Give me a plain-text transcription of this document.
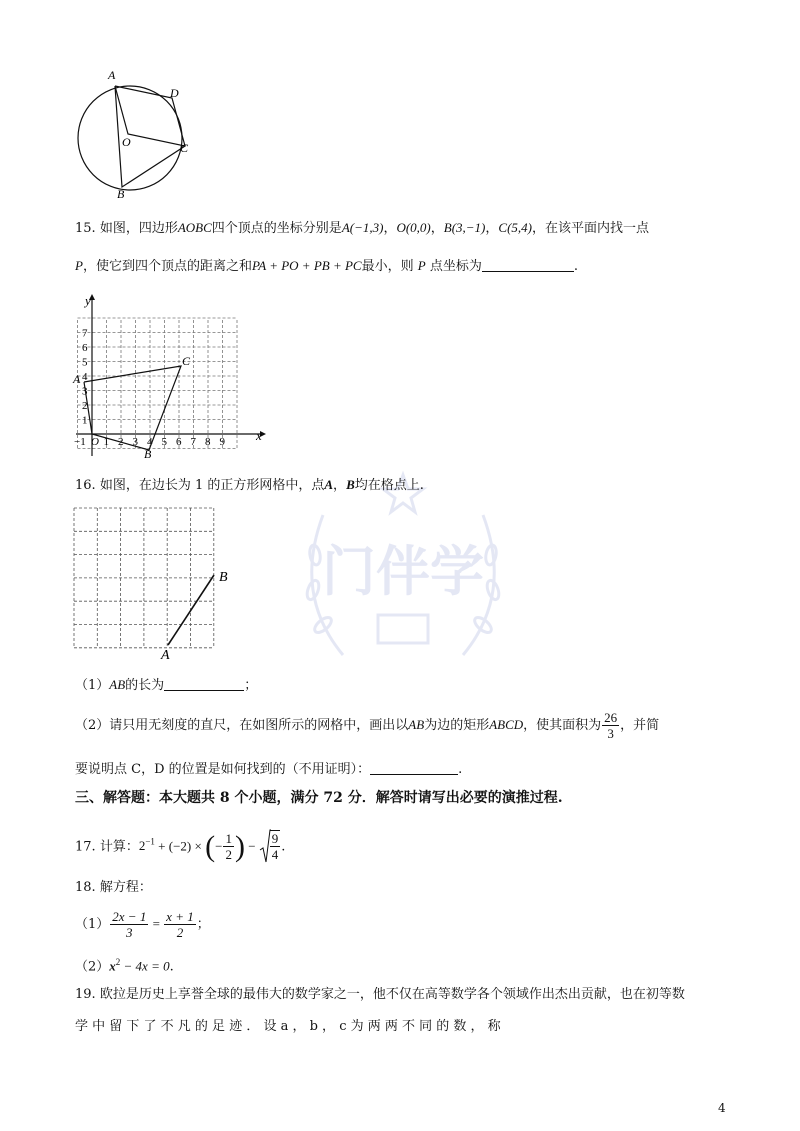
门伴学
A
D
O	C
B
15. 如图，四边形AOBC四个顶点的坐标分别是A(−1,3)，O(0,0)，B(3,−1)，C(5,4)，在该平面内找一点
P，使它到四个顶点的距离之和PA + PO + PB + PC最小，则 P 点坐标为	.
y
x
7
6
5
4
3
2
1
1 2 3 4 5 6 7 8 9
−1 O
A
B
C
16. 如图，在边长为 1 的正方形网格中，点A，B均在格点上.
A
B
（1）AB的长为	；
（2）请只用无刻度的直尺，在如图所示的网格中，画出以AB为边的矩形ABCD，使其面积为 $\frac{26}{3}$ ，并简
要说明点 C，D 的位置是如何找到的（不用证明）：	.
三、解答题：本大题共 8 个小题，满分 72 分．解答时请写出必要的演推过程.
17. 计算：$2^{-1} + (-2)$ × (− $\frac{1}{2}$ ) − $\frac{9}{4}$ .
18. 解方程：
$(1) \frac{2x - 1}{3} = \frac{x + 1}{2}$ ；
$(2)x^2 - 4x = 0$.
19. 欧拉是历史上享誉全球的最伟大的数学家之一，他不仅在高等数学各个领域作出杰出贡献，也在初等数
学 中 留 下 了 不 凡 的 足 迹 ． 设 a ， b ， c 为 两 两 不 同 的 数 ， 称
4
